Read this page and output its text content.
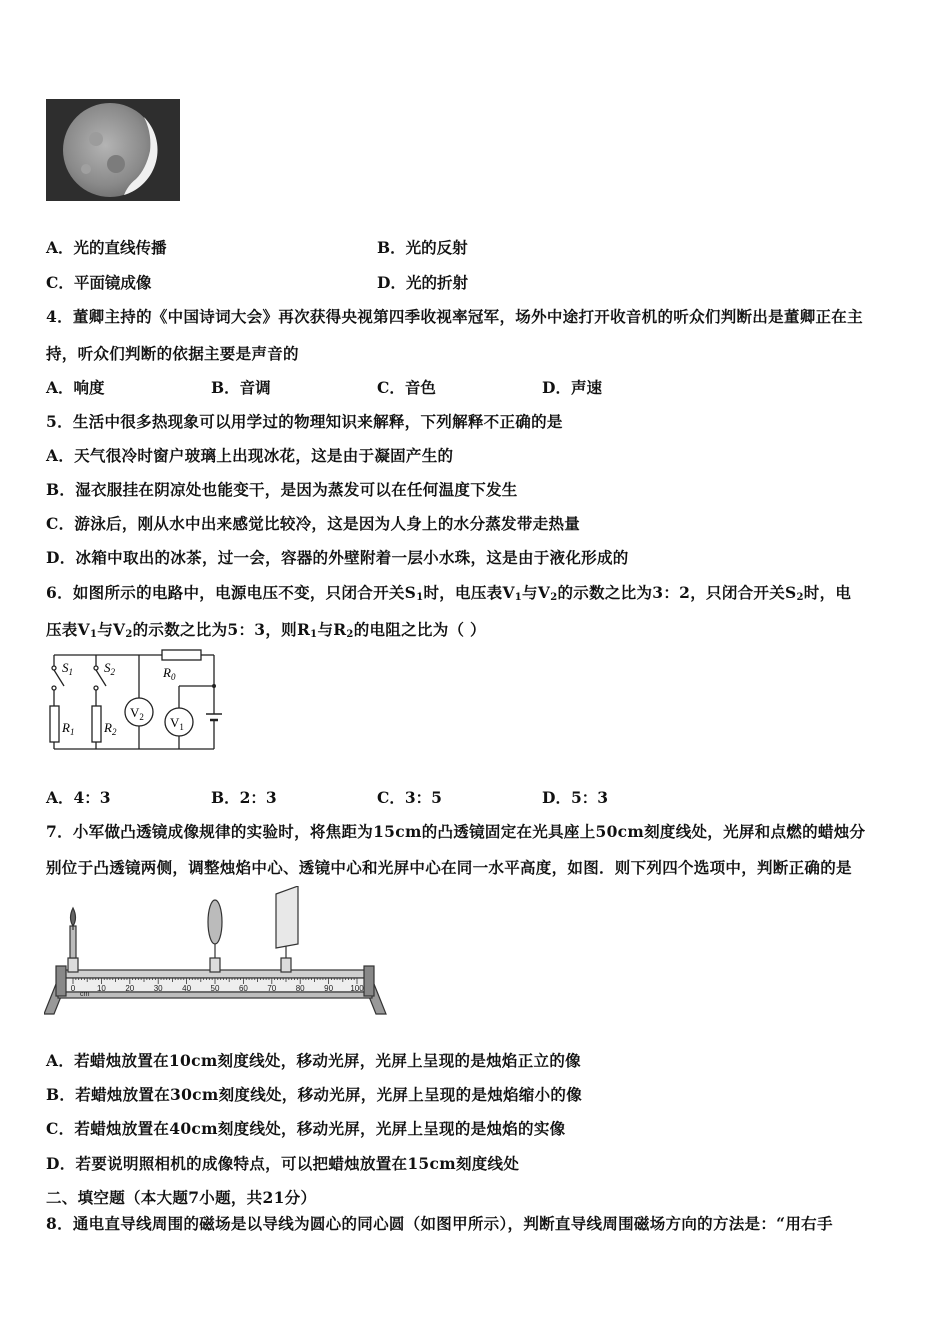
A．光的直线传播	B．光的反射
C．平面镜成像	D．光的折射
4．董卿主持的《中国诗词大会》再次获得央视第四季收视率冠军，场外中途打开收音机的听众们判断出是董卿正在主
持，听众们判断的依据主要是声音的
A．响度	B．音调	C．音色	D．声速
5．生活中很多热现象可以用学过的物理知识来解释，下列解释不正确的是
A．天气很冷时窗户玻璃上出现冰花，这是由于凝固产生的
B．湿衣服挂在阴凉处也能变干，是因为蒸发可以在任何温度下发生
C．游泳后，刚从水中出来感觉比较冷，这是因为人身上的水分蒸发带走热量
D．冰箱中取出的冰茶，过一会，容器的外壁附着一层小水珠，这是由于液化形成的
6．如图所示的电路中，电源电压不变，只闭合开关$S_1$时，电压表$V_1$与$V_2$的示数之比为3：2，只闭合开关$S_2$时，电
压表$V_1$与$V_2$的示数之比为5：3，则$R_1$与$R_2$的电阻之比为（ ）
$S_1$ $S_2$	$R_0$
$R_1$ $R_2$
$V_2$ $V_1$
A．4：3	B．2：3	C．3：5	D．5：3
7．小军做凸透镜成像规律的实验时，将焦距为15cm的凸透镜固定在光具座上50cm刻度线处，光屏和点燃的蜡烛分
别位于凸透镜两侧，调整烛焰中心、透镜中心和光屏中心在同一水平高度，如图．则下列四个选项中，判断正确的是
0	10 20 30 40 50 60 70 80 90 100
cm
A．若蜡烛放置在10cm刻度线处，移动光屏，光屏上呈现的是烛焰正立的像
B．若蜡烛放置在30cm刻度线处，移动光屏，光屏上呈现的是烛焰缩小的像
C．若蜡烛放置在40cm刻度线处，移动光屏，光屏上呈现的是烛焰的实像
D．若要说明照相机的成像特点，可以把蜡烛放置在15cm刻度线处
二、填空题（本大题7小题，共21分）
8．通电直导线周围的磁场是以导线为圆心的同心圆（如图甲所示），判断直导线周围磁场方向的方法是：“用右手
